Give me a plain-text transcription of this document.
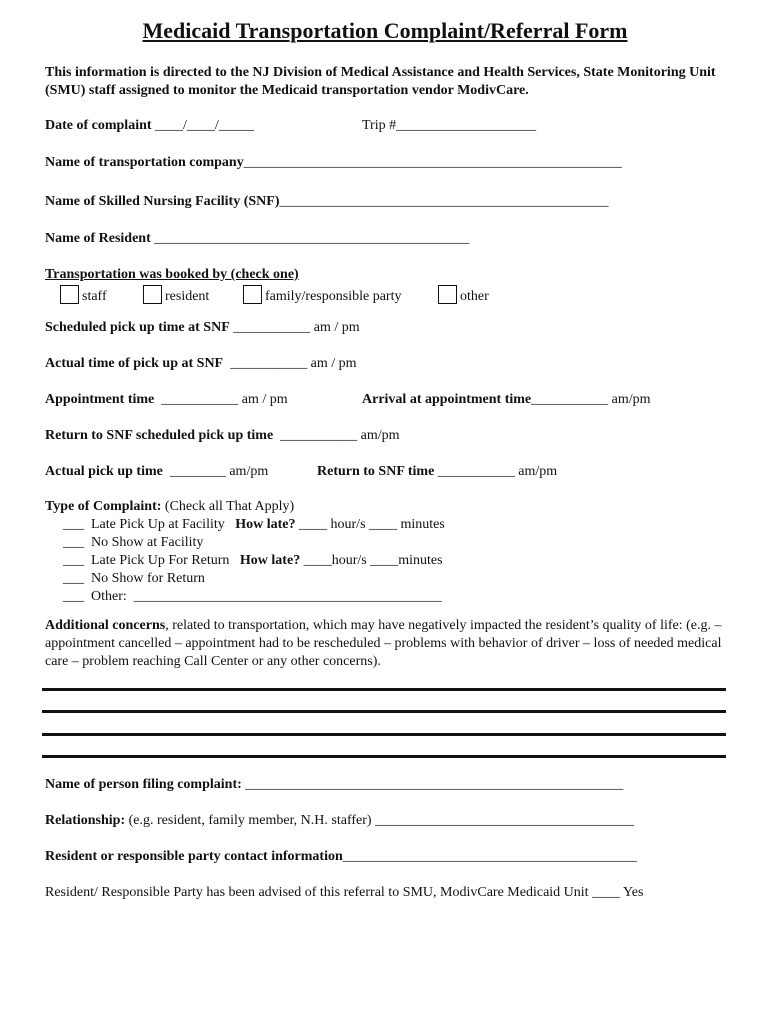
Medicaid Transportation Complaint/Referral Form
This information is directed to the NJ Division of Medical Assistance and Health Services, State Monitoring Unit (SMU) staff assigned to monitor the Medicaid transportation vendor ModivCare.
Date of complaint ____/____/_____	Trip #____________________
Name of transportation company______________________________________________________
Name of Skilled Nursing Facility (SNF)_______________________________________________
Name of Resident _____________________________________________
Transportation was booked by (check one)
staff	resident	family/responsible party	other
Scheduled pick up time at SNF ___________ am / pm
Actual time of pick up at SNF ___________ am / pm
Appointment time ___________ am / pm	Arrival at appointment time___________ am/pm
Return to SNF scheduled pick up time ___________ am/pm
Actual pick up time ________ am/pm	Return to SNF time ___________ am/pm
Type of Complaint: (Check all That Apply)
___ Late Pick Up at Facility How late? ____ hour/s ____ minutes
___ No Show at Facility
___ Late Pick Up For Return How late? ____hour/s ____minutes
___ No Show for Return
___ Other: ____________________________________________
Additional concerns, related to transportation, which may have negatively impacted the resident’s quality of life: (e.g. – appointment cancelled – appointment had to be rescheduled – problems with behavior of driver – loss of needed medical care – problem reaching Call Center or any other concerns).
Name of person filing complaint: ______________________________________________________
Relationship: (e.g. resident, family member, N.H. staffer) _____________________________________
Resident or responsible party contact information__________________________________________
Resident/ Responsible Party has been advised of this referral to SMU, ModivCare Medicaid Unit ____ Yes
